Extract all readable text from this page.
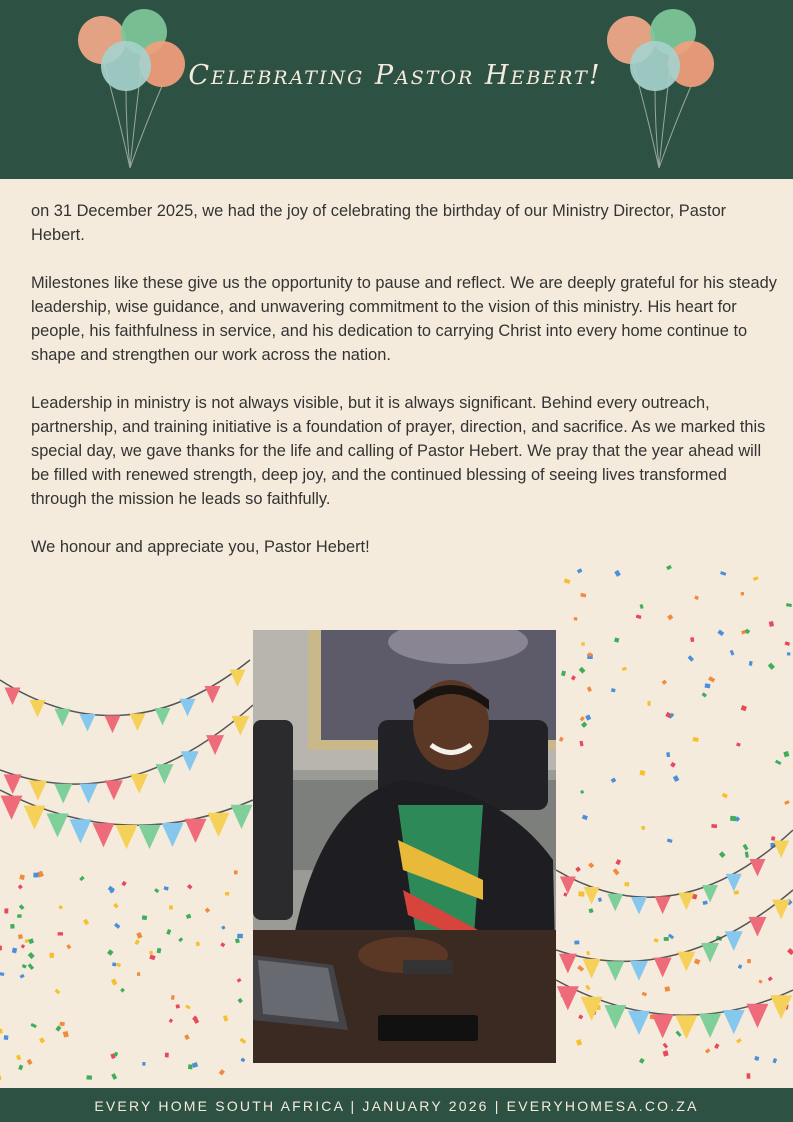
Celebrating Pastor Hebert!

on 31 December 2025, we had the joy of celebrating the birthday of our Ministry Director, Pastor Hebert.

Milestones like these give us the opportunity to pause and reflect. We are deeply grateful for his steady leadership, wise guidance, and unwavering commitment to the vision of this ministry. His heart for people, his faithfulness in service, and his dedication to carrying Christ into every home continue to shape and strengthen our work across the nation.

Leadership in ministry is not always visible, but it is always significant. Behind every outreach, partnership, and training initiative is a foundation of prayer, direction, and sacrifice. As we marked this special day, we gave thanks for the life and calling of Pastor Hebert. We pray that the year ahead will be filled with renewed strength, deep joy, and the continued blessing of seeing lives transformed through the mission he leads so faithfully.

We honour and appreciate you, Pastor Hebert!

EVERY HOME SOUTH AFRICA | JANUARY 2026 | EVERYHOMESA.CO.ZA
